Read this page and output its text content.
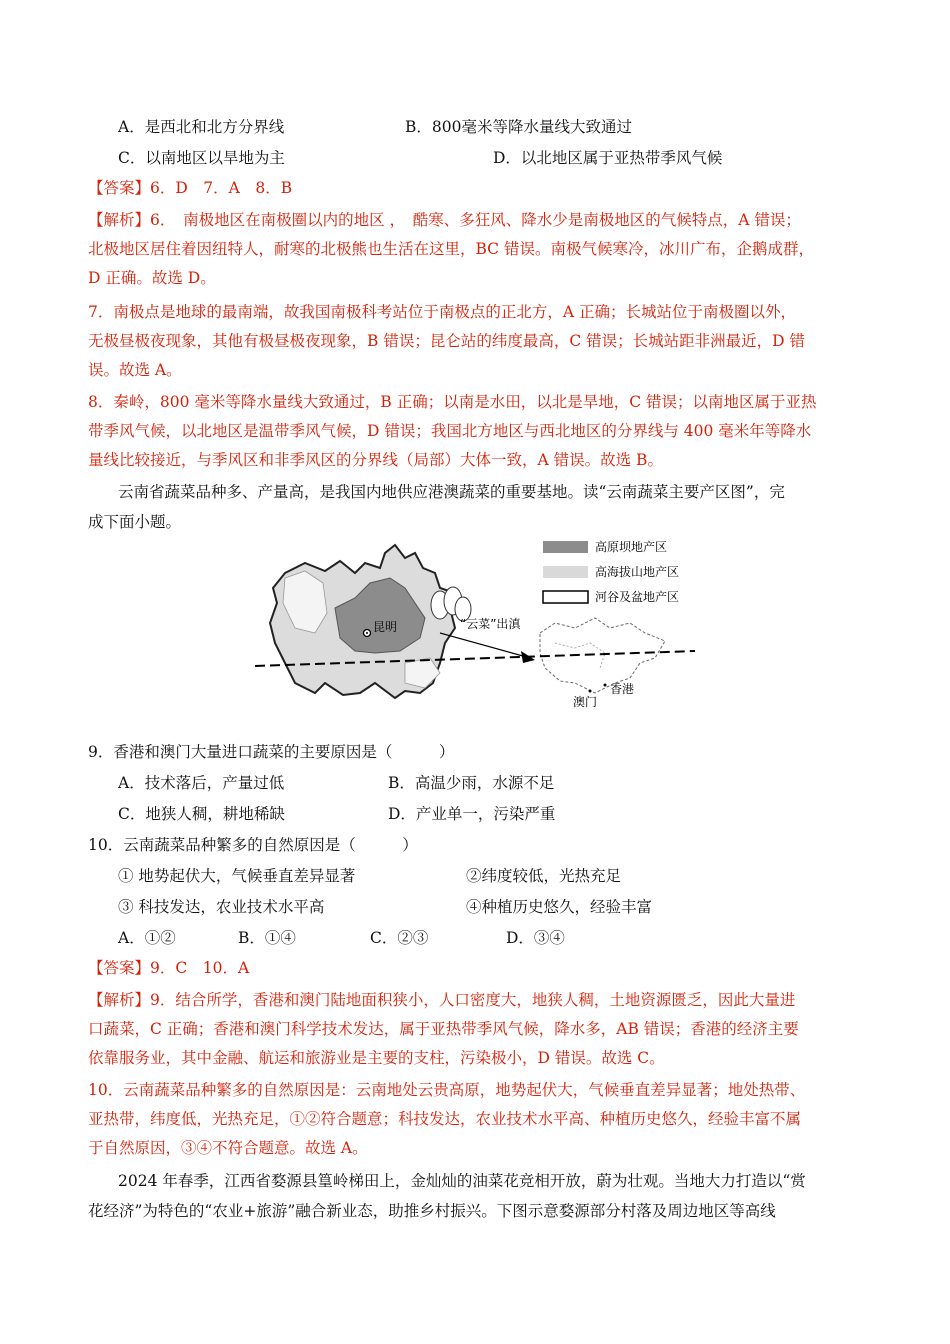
A．是西北和北方分界线	B．800毫米等降水量线大致通过
C．以南地区以旱地为主	D．以北地区属于亚热带季风气候
【答案】6．D　7．A　8．B
【解析】6．　南极地区在南极圈以内的地区 ，　酷寒、多狂风、降水少是南极地区的气候特点，A 错误；
北极地区居住着因纽特人，耐寒的北极熊也生活在这里，BC 错误。南极气候寒冷，冰川广布，企鹅成群，
D 正确。故选 D。
7．南极点是地球的最南端，故我国南极科考站位于南极点的正北方，A 正确；长城站位于南极圈以外，
无极昼极夜现象，其他有极昼极夜现象，B 错误；昆仑站的纬度最高，C 错误；长城站距非洲最近，D 错
误。故选 A。
8．秦岭，800 毫米等降水量线大致通过，B 正确；以南是水田，以北是旱地，C 错误；以南地区属于亚热
带季风气候，以北地区是温带季风气候，D 错误；我国北方地区与西北地区的分界线与 400 毫米年等降水
量线比较接近，与季风区和非季风区的分界线（局部）大体一致，A 错误。故选 B。
云南省蔬菜品种多、产量高，是我国内地供应港澳蔬菜的重要基地。读“云南蔬菜主要产区图”，完
成下面小题。
昆明
香港
澳门
“云菜”出滇
高原坝地产区
高海拔山地产区
河谷及盆地产区
9．香港和澳门大量进口蔬菜的主要原因是（　　　）
A．技术落后，产量过低	B．高温少雨，水源不足
C．地狭人稠，耕地稀缺	D．产业单一，污染严重
10．云南蔬菜品种繁多的自然原因是（　　　）
① 地势起伏大，气候垂直差异显著	②纬度较低，光热充足
③ 科技发达，农业技术水平高	④种植历史悠久，经验丰富
A．①②	B．①④	C．②③	D．③④
【答案】9．C　10．A
【解析】9．结合所学，香港和澳门陆地面积狭小，人口密度大，地狭人稠，土地资源匮乏，因此大量进
口蔬菜，C 正确；香港和澳门科学技术发达，属于亚热带季风气候，降水多，AB 错误；香港的经济主要
依靠服务业，其中金融、航运和旅游业是主要的支柱，污染极小，D 错误。故选 C。
10．云南蔬菜品种繁多的自然原因是：云南地处云贵高原，地势起伏大，气候垂直差异显著；地处热带、
亚热带，纬度低，光热充足，①②符合题意；科技发达，农业技术水平高、种植历史悠久，经验丰富不属
于自然原因，③④不符合题意。故选 A。
2024 年春季，江西省婺源县篁岭梯田上，金灿灿的油菜花竞相开放，蔚为壮观。当地大力打造以“赏
花经济”为特色的“农业+旅游”融合新业态，助推乡村振兴。下图示意婺源部分村落及周边地区等高线
